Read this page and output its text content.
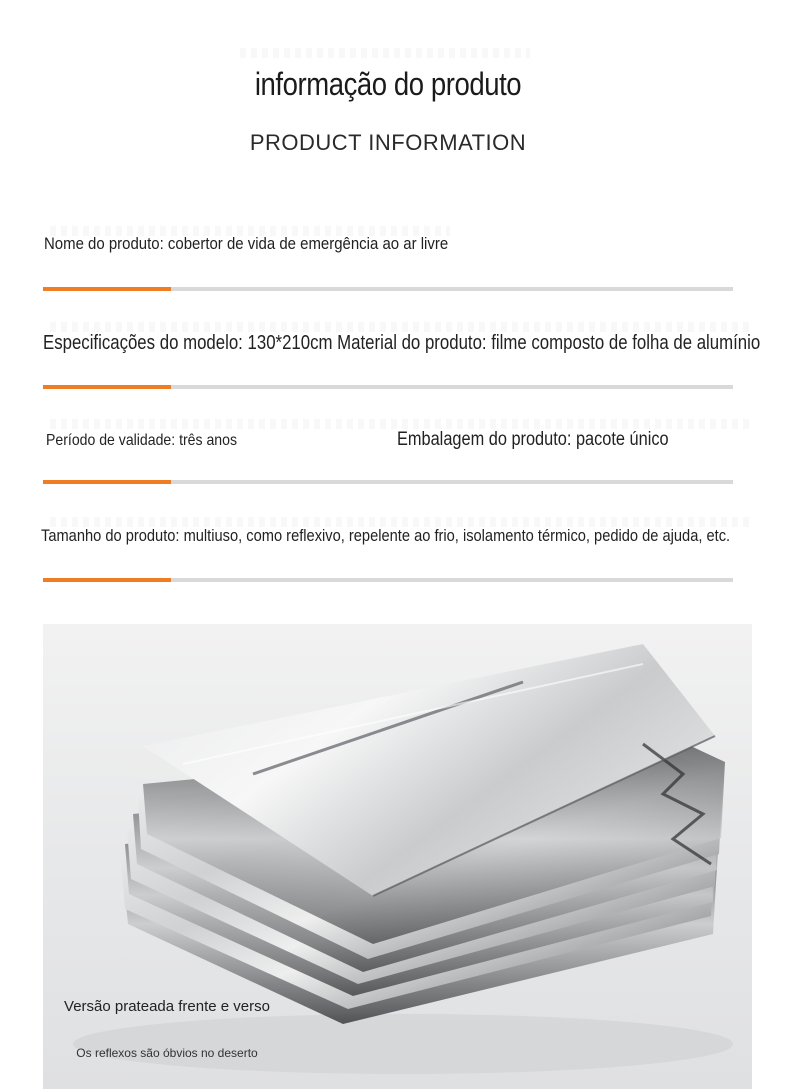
informação do produto
PRODUCT INFORMATION
Nome do produto: cobertor de vida de emergência ao ar livre
Especificações do modelo: 130*210cm Material do produto: filme composto de folha de alumínio
Período de validade: três anos	Embalagem do produto: pacote único
Tamanho do produto: multiuso, como reflexivo, repelente ao frio, isolamento térmico, pedido de ajuda, etc.
Versão prateada frente e verso
Os reflexos são óbvios no deserto
